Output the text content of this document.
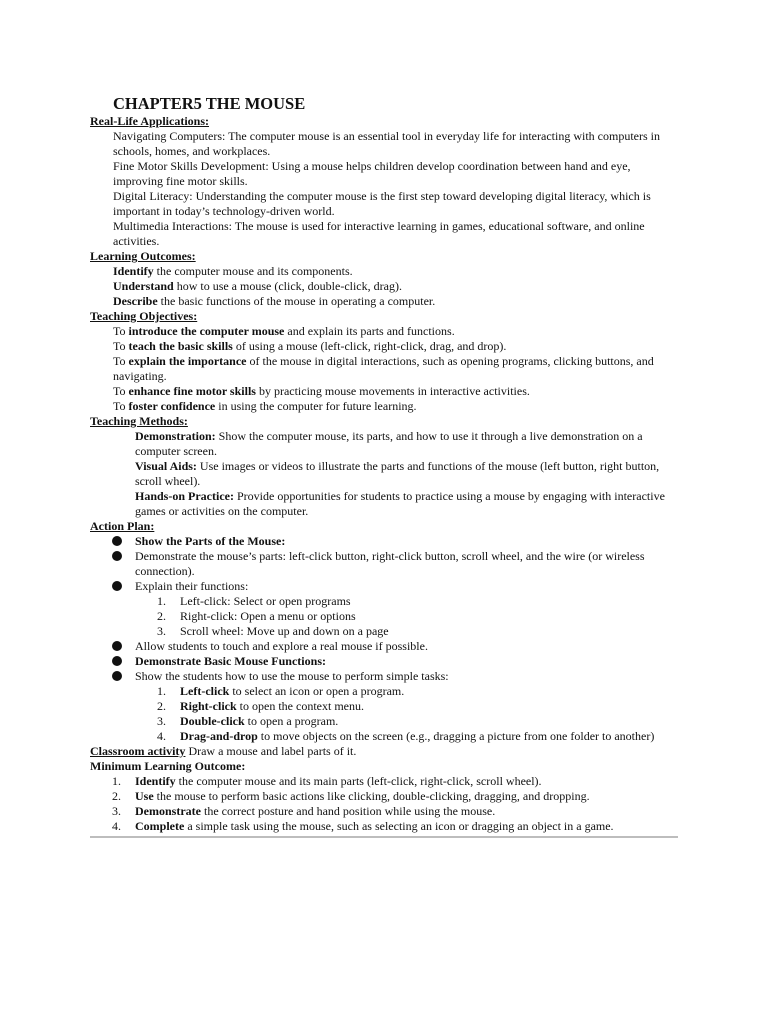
CHAPTER5 THE MOUSE
Real-Life Applications:
Navigating Computers: The computer mouse is an essential tool in everyday life for interacting with computers in schools, homes, and workplaces.
Fine Motor Skills Development: Using a mouse helps children develop coordination between hand and eye, improving fine motor skills.
Digital Literacy: Understanding the computer mouse is the first step toward developing digital literacy, which is important in today’s technology-driven world.
Multimedia Interactions: The mouse is used for interactive learning in games, educational software, and online activities.
Learning Outcomes:
Identify the computer mouse and its components.
Understand how to use a mouse (click, double-click, drag).
Describe the basic functions of the mouse in operating a computer.
Teaching Objectives:
To introduce the computer mouse and explain its parts and functions.
To teach the basic skills of using a mouse (left-click, right-click, drag, and drop).
To explain the importance of the mouse in digital interactions, such as opening programs, clicking buttons, and navigating.
To enhance fine motor skills by practicing mouse movements in interactive activities.
To foster confidence in using the computer for future learning.
Teaching Methods:
Demonstration: Show the computer mouse, its parts, and how to use it through a live demonstration on a computer screen.
Visual Aids: Use images or videos to illustrate the parts and functions of the mouse (left button, right button, scroll wheel).
Hands-on Practice: Provide opportunities for students to practice using a mouse by engaging with interactive games or activities on the computer.
Action Plan:
Show the Parts of the Mouse:
Demonstrate the mouse’s parts: left-click button, right-click button, scroll wheel, and the wire (or wireless connection).
Explain their functions:
1. Left-click: Select or open programs
2. Right-click: Open a menu or options
3. Scroll wheel: Move up and down on a page
Allow students to touch and explore a real mouse if possible.
Demonstrate Basic Mouse Functions:
Show the students how to use the mouse to perform simple tasks:
1. Left-click to select an icon or open a program.
2. Right-click to open the context menu.
3. Double-click to open a program.
4. Drag-and-drop to move objects on the screen (e.g., dragging a picture from one folder to another)
Classroom activity Draw a mouse and label parts of it.
Minimum Learning Outcome:
1. Identify the computer mouse and its main parts (left-click, right-click, scroll wheel).
2. Use the mouse to perform basic actions like clicking, double-clicking, dragging, and dropping.
3. Demonstrate the correct posture and hand position while using the mouse.
4. Complete a simple task using the mouse, such as selecting an icon or dragging an object in a game.
